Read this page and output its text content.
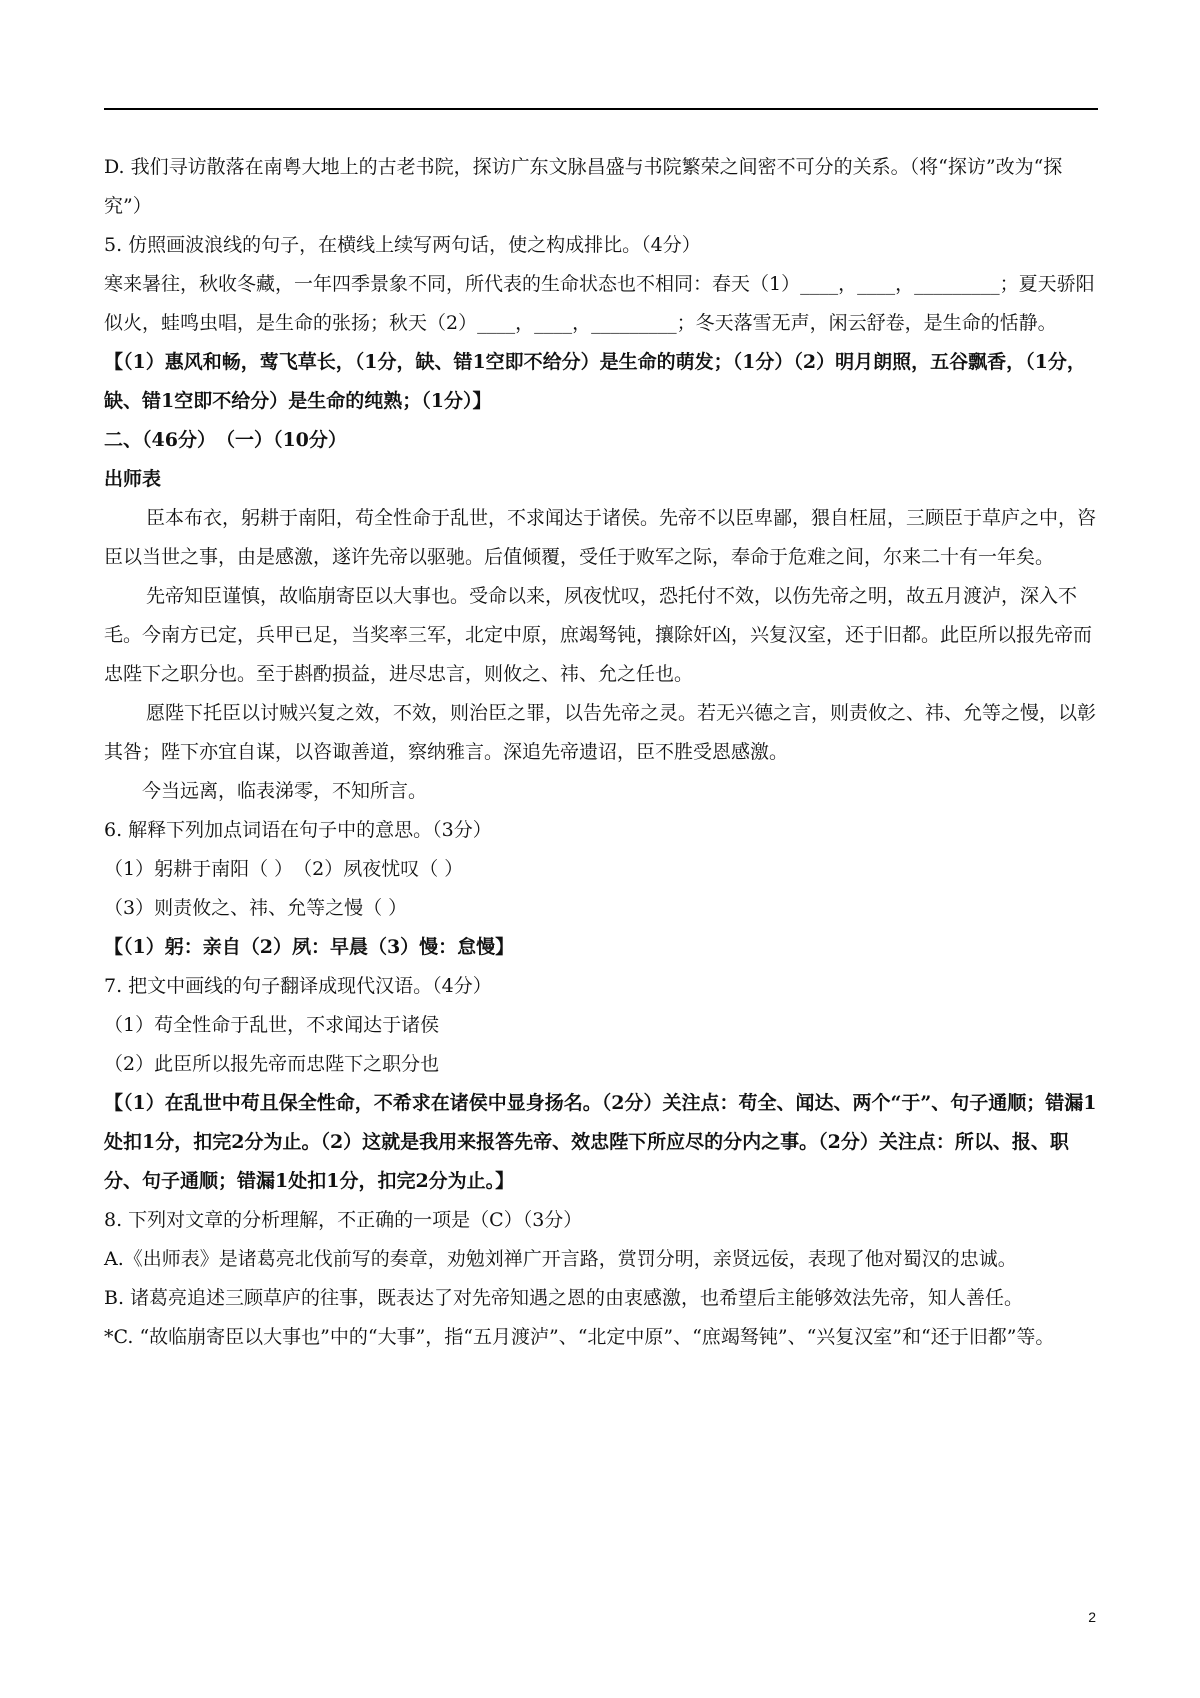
D. 我们寻访散落在南粤大地上的古老书院，探访广东文脉昌盛与书院繁荣之间密不可分的关系。（将“探访”改为“探究”）

5. 仿照画波浪线的句子，在横线上续写两句话，使之构成排比。（4分）

寒来暑往，秋收冬藏，一年四季景象不同，所代表的生命状态也不相同：春天（1）____，____，_________；夏天骄阳似火，蛙鸣虫唱，是生命的张扬；秋天（2）____，____，_________；冬天落雪无声，闲云舒卷，是生命的恬静。

【（1）惠风和畅，莺飞草长，（1分，缺、错1空即不给分）是生命的萌发；（1分）（2）明月朗照，五谷飘香，（1分，缺、错1空即不给分）是生命的纯熟；（1分）】

二、（46分）　（一）（10分）

出师表

臣本布衣，躬耕于南阳，苟全性命于乱世，不求闻达于诸侯。先帝不以臣卑鄙，猥自枉屈，三顾臣于草庐之中，咨臣以当世之事，由是感激，遂许先帝以驱驰。后值倾覆，受任于败军之际，奉命于危难之间，尔来二十有一年矣。

先帝知臣谨慎，故临崩寄臣以大事也。受命以来，夙夜忧叹，恐托付不效，以伤先帝之明，故五月渡泸，深入不毛。今南方已定，兵甲已足，当奖率三军，北定中原，庶竭驽钝，攘除奸凶，兴复汉室，还于旧都。此臣所以报先帝而忠陛下之职分也。至于斟酌损益，进尽忠言，则攸之、祎、允之任也。

愿陛下托臣以讨贼兴复之效，不效，则治臣之罪，以告先帝之灵。若无兴德之言，则责攸之、祎、允等之慢，以彰其咎；陛下亦宜自谋，以咨诹善道，察纳雅言。深追先帝遗诏，臣不胜受恩感激。

今当远离，临表涕零，不知所言。

6. 解释下列加点词语在句子中的意思。（3分）

（1）躬耕于南阳（ ）　（2）夙夜忧叹（ ）

（3）则责攸之、祎、允等之慢（ ）

【（1）躬：亲自（2）夙：早晨（3）慢：怠慢】

7. 把文中画线的句子翻译成现代汉语。（4分）

（1）苟全性命于乱世，不求闻达于诸侯

（2）此臣所以报先帝而忠陛下之职分也

【（1）在乱世中苟且保全性命，不希求在诸侯中显身扬名。（2分）关注点：苟全、闻达、两个“于”、句子通顺；错漏1处扣1分，扣完2分为止。（2）这就是我用来报答先帝、效忠陛下所应尽的分内之事。（2分）关注点：所以、报、职分、句子通顺；错漏1处扣1分，扣完2分为止。】

8. 下列对文章的分析理解，不正确的一项是（C）（3分）

A.《出师表》是诸葛亮北伐前写的奏章，劝勉刘禅广开言路，赏罚分明，亲贤远佞，表现了他对蜀汉的忠诚。

B. 诸葛亮追述三顾草庐的往事，既表达了对先帝知遇之恩的由衷感激，也希望后主能够效法先帝，知人善任。

*C. “故临崩寄臣以大事也”中的“大事”，指“五月渡泸”、“北定中原”、“庶竭驽钝”、“兴复汉室”和“还于旧都”等。

2
